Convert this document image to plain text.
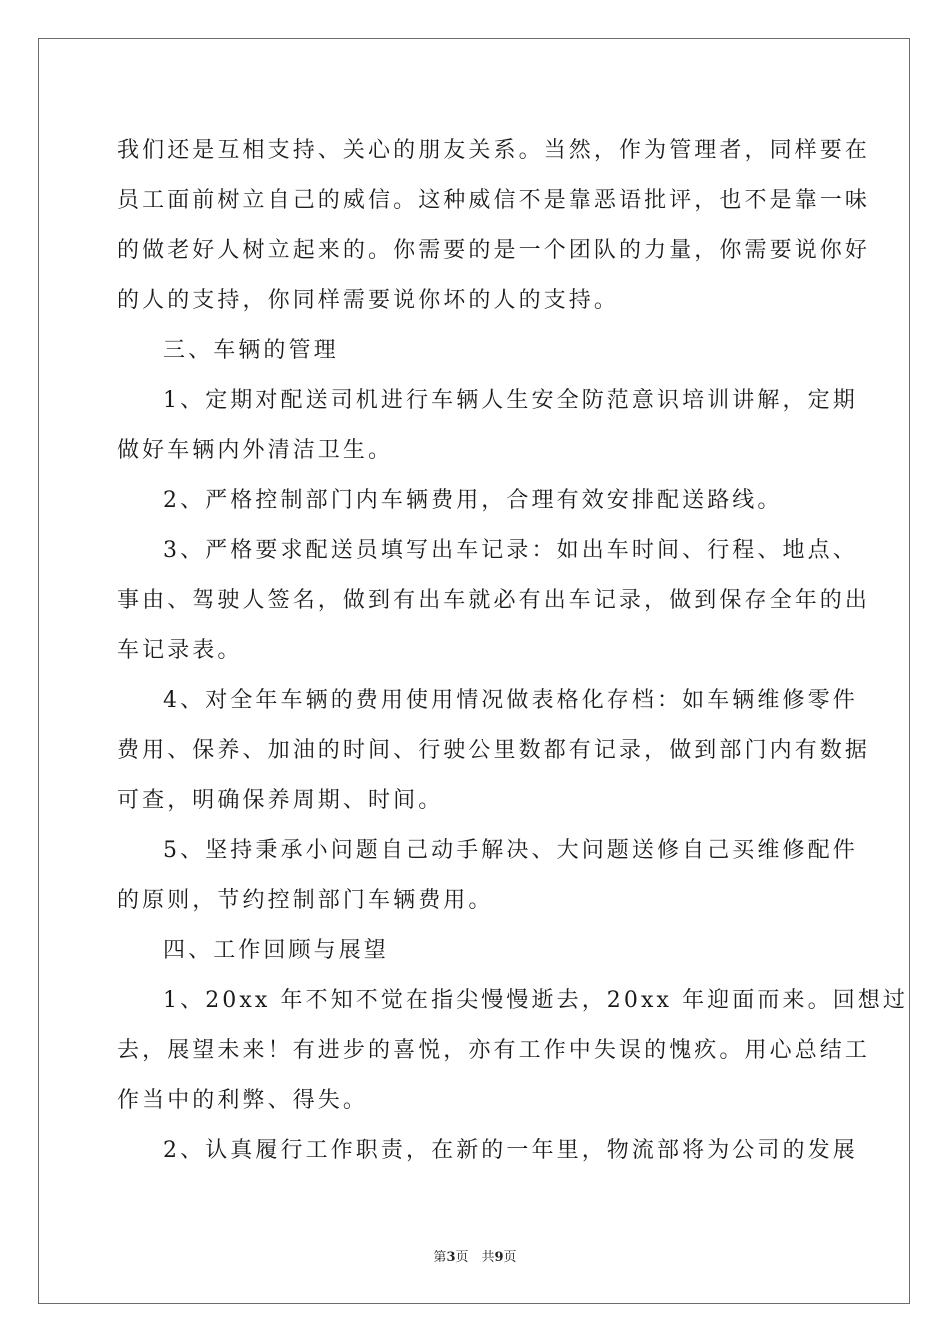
我们还是互相支持、关心的朋友关系。当然，作为管理者，同样要在
员工面前树立自己的威信。这种威信不是靠恶语批评，也不是靠一味
的做老好人树立起来的。你需要的是一个团队的力量，你需要说你好
的人的支持，你同样需要说你坏的人的支持。
三、车辆的管理
1、定期对配送司机进行车辆人生安全防范意识培训讲解，定期
做好车辆内外清洁卫生。
2、严格控制部门内车辆费用，合理有效安排配送路线。
3、严格要求配送员填写出车记录：如出车时间、行程、地点、
事由、驾驶人签名，做到有出车就必有出车记录，做到保存全年的出
车记录表。
4、对全年车辆的费用使用情况做表格化存档：如车辆维修零件
费用、保养、加油的时间、行驶公里数都有记录，做到部门内有数据
可查，明确保养周期、时间。
5、坚持秉承小问题自己动手解决、大问题送修自己买维修配件
的原则，节约控制部门车辆费用。
四、工作回顾与展望
1、20xx 年不知不觉在指尖慢慢逝去，20xx 年迎面而来。回想过
去，展望未来！有进步的喜悦，亦有工作中失误的愧疚。用心总结工
作当中的利弊、得失。
2、认真履行工作职责，在新的一年里，物流部将为公司的发展
第3页　共9页
